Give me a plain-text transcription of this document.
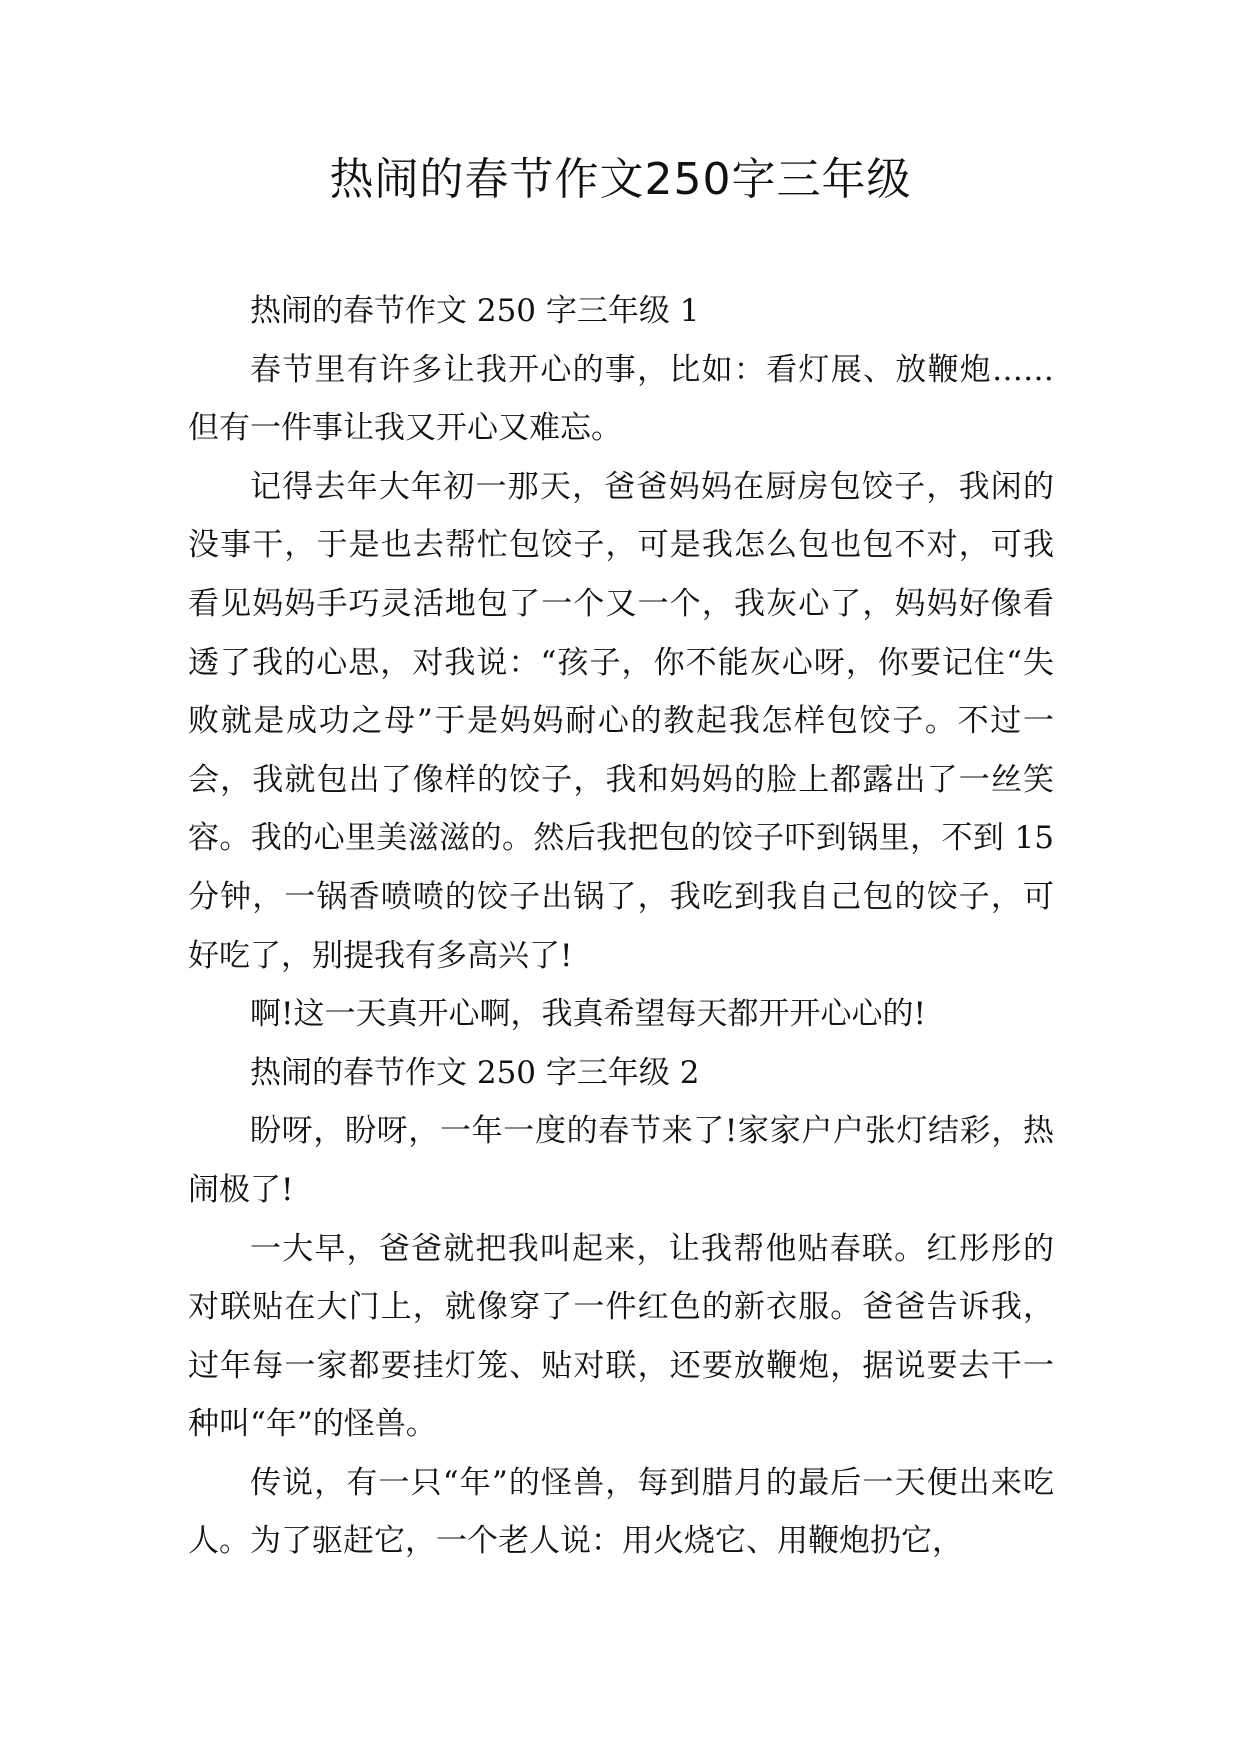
热闹的春节作文250字三年级

热闹的春节作文 250 字三年级 1

春节里有许多让我开心的事，比如：看灯展、放鞭炮……但有一件事让我又开心又难忘。

记得去年大年初一那天，爸爸妈妈在厨房包饺子，我闲的没事干，于是也去帮忙包饺子，可是我怎么包也包不对，可我看见妈妈手巧灵活地包了一个又一个，我灰心了，妈妈好像看透了我的心思，对我说：“孩子，你不能灰心呀，你要记住“失败就是成功之母”于是妈妈耐心的教起我怎样包饺子。不过一会，我就包出了像样的饺子，我和妈妈的脸上都露出了一丝笑容。我的心里美滋滋的。然后我把包的饺子吓到锅里，不到 15 分钟，一锅香喷喷的饺子出锅了，我吃到我自己包的饺子，可好吃了，别提我有多高兴了!

啊!这一天真开心啊，我真希望每天都开开心心的!

热闹的春节作文 250 字三年级 2

盼呀，盼呀，一年一度的春节来了!家家户户张灯结彩，热闹极了!

一大早，爸爸就把我叫起来，让我帮他贴春联。红彤彤的对联贴在大门上，就像穿了一件红色的新衣服。爸爸告诉我，过年每一家都要挂灯笼、贴对联，还要放鞭炮，据说要去干一种叫“年”的怪兽。

传说，有一只“年”的怪兽，每到腊月的最后一天便出来吃人。为了驱赶它，一个老人说：用火烧它、用鞭炮扔它，
